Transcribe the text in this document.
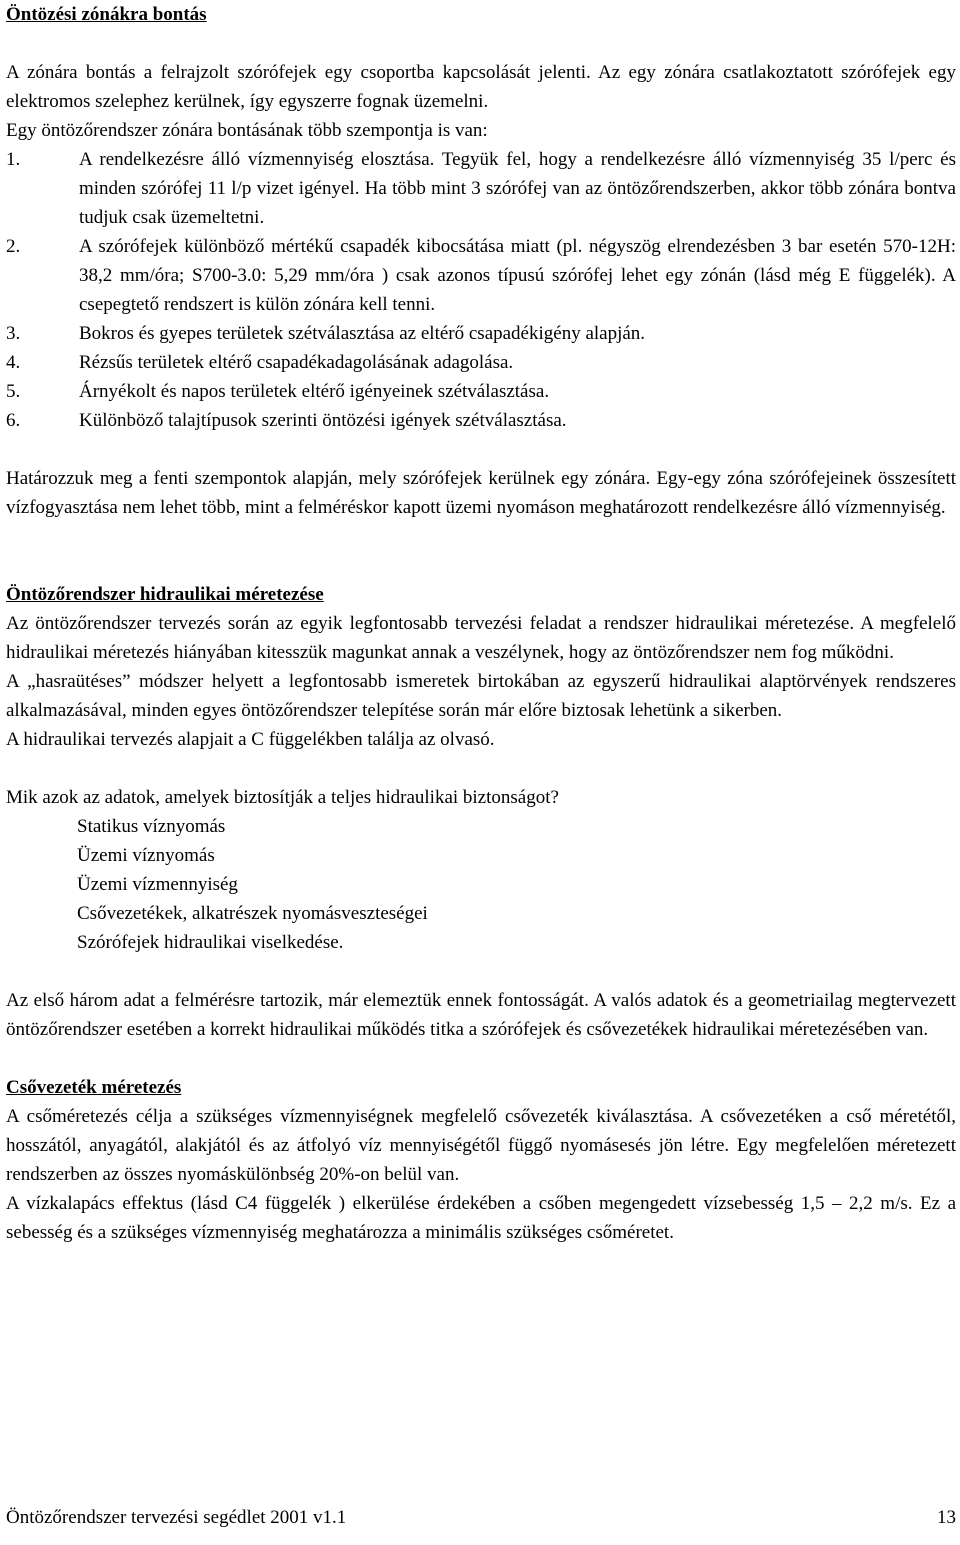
Öntözési zónákra bontás

A zónára bontás a felrajzolt szórófejek egy csoportba kapcsolását jelenti. Az egy zónára csatlakoztatott szórófejek egy elektromos szelephez kerülnek, így egyszerre fognak üzemelni.

Egy öntözőrendszer zónára bontásának több szempontja is van:

1.	A rendelkezésre álló vízmennyiség elosztása. Tegyük fel, hogy a rendelkezésre álló vízmennyiség 35 l/perc és minden szórófej 11 l/p vizet igényel. Ha több mint 3 szórófej van az öntözőrendszerben, akkor több zónára bontva tudjuk csak üzemeltetni.
2.	A szórófejek különböző mértékű csapadék kibocsátása miatt (pl. négyszög elrendezésben 3 bar esetén 570-12H: 38,2 mm/óra; S700-3.0: 5,29 mm/óra ) csak azonos típusú szórófej lehet egy zónán (lásd még E függelék). A csepegtető rendszert is külön zónára kell tenni.
3.	Bokros és gyepes területek szétválasztása az eltérő csapadékigény alapján.
4.	Rézsűs területek eltérő csapadékadagolásának adagolása.
5.	Árnyékolt és napos területek eltérő igényeinek szétválasztása.
6.	Különböző talajtípusok szerinti öntözési igények szétválasztása.

Határozzuk meg a fenti szempontok alapján, mely szórófejek kerülnek egy zónára. Egy-egy zóna szórófejeinek összesített vízfogyasztása nem lehet több, mint a felméréskor kapott üzemi nyomáson meghatározott rendelkezésre álló vízmennyiség.

Öntözőrendszer hidraulikai méretezése

Az öntözőrendszer tervezés során az egyik legfontosabb tervezési feladat a rendszer hidraulikai méretezése. A megfelelő hidraulikai méretezés hiányában kitesszük magunkat annak a veszélynek, hogy az öntözőrendszer nem fog működni.

A „hasraütéses” módszer helyett a legfontosabb ismeretek birtokában az egyszerű hidraulikai alaptörvények rendszeres alkalmazásával, minden egyes öntözőrendszer telepítése során már előre biztosak lehetünk a sikerben.

A hidraulikai tervezés alapjait a C függelékben találja az olvasó.

Mik azok az adatok, amelyek biztosítják a teljes hidraulikai biztonságot?

Statikus víznyomás
Üzemi víznyomás
Üzemi vízmennyiség
Csővezetékek, alkatrészek nyomásveszteségei
Szórófejek hidraulikai viselkedése.

Az első három adat a felmérésre tartozik, már elemeztük ennek fontosságát. A valós adatok és a geometriailag megtervezett öntözőrendszer esetében a korrekt hidraulikai működés titka a szórófejek és csővezetékek hidraulikai méretezésében van.

Csővezeték méretezés

A csőméretezés célja a szükséges vízmennyiségnek megfelelő csővezeték kiválasztása. A csővezetéken a cső méretétől, hosszától, anyagától, alakjától és az átfolyó víz mennyiségétől függő nyomásesés jön létre. Egy megfelelően méretezett rendszerben az összes nyomáskülönbség 20%-on belül van.

A vízkalapács effektus (lásd C4 függelék ) elkerülése érdekében a csőben megengedett vízsebesség 1,5 – 2,2 m/s. Ez a sebesség és a szükséges vízmennyiség meghatározza a minimális szükséges csőméretet.

Öntözőrendszer tervezési segédlet 2001 v1.1	13
